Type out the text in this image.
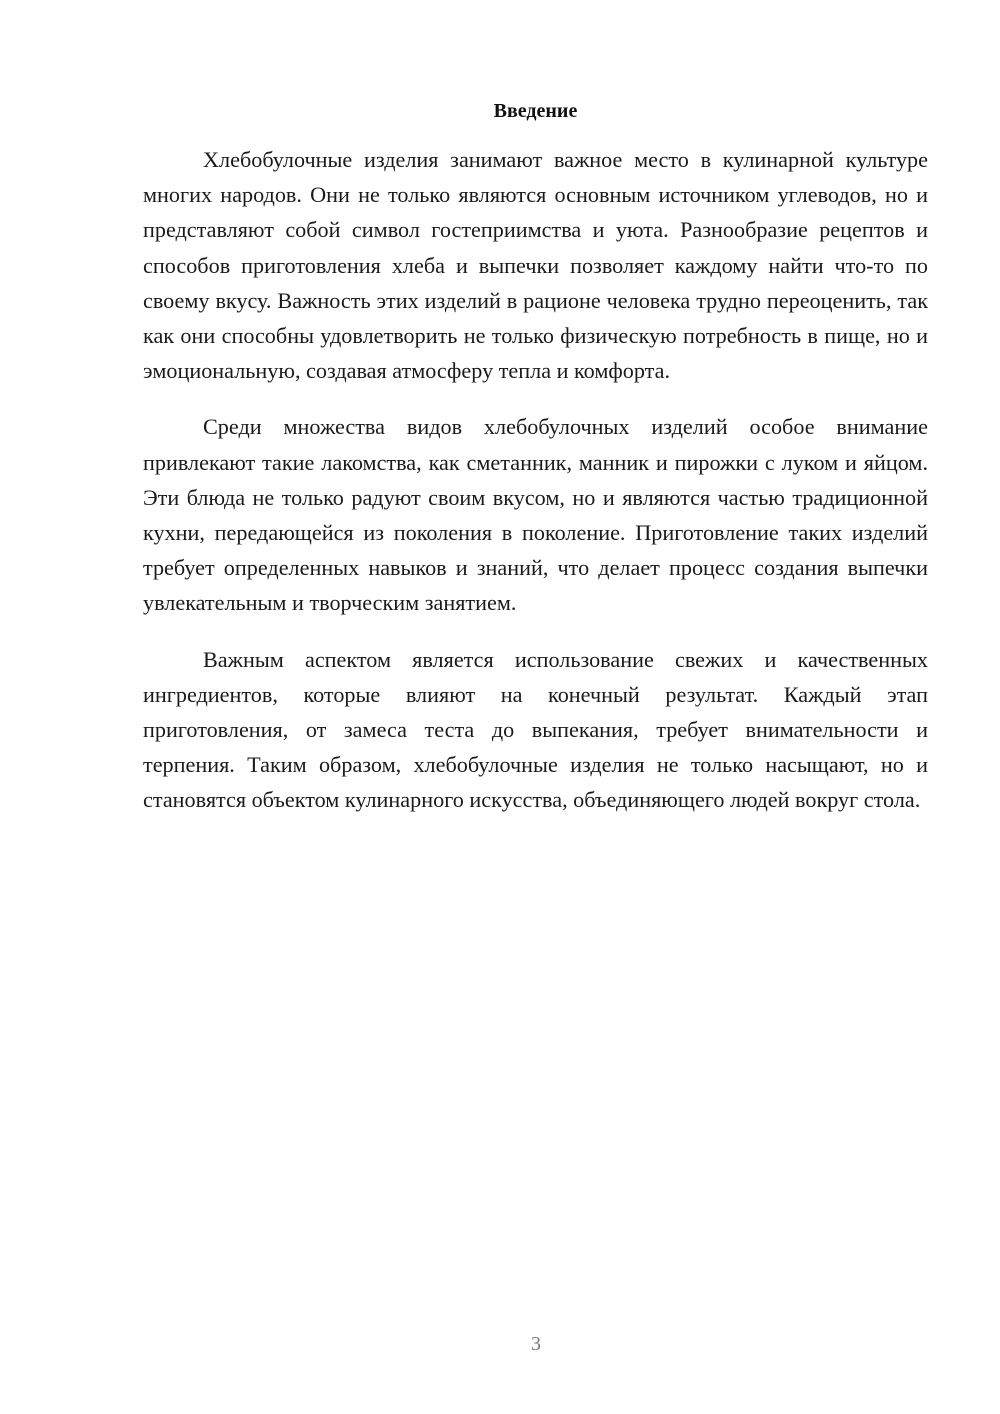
Введение

Хлебобулочные изделия занимают важное место в кулинарной культуре многих народов. Они не только являются основным источником углеводов, но и представляют собой символ гостеприимства и уюта. Разнообразие рецептов и способов приготовления хлеба и выпечки позволяет каждому найти что-то по своему вкусу. Важность этих изделий в рационе человека трудно переоценить, так как они способны удовлетворить не только физическую потребность в пище, но и эмоциональную, создавая атмосферу тепла и комфорта.

Среди множества видов хлебобулочных изделий особое внимание привлекают такие лакомства, как сметанник, манник и пирожки с луком и яйцом. Эти блюда не только радуют своим вкусом, но и являются частью традиционной кухни, передающейся из поколения в поколение. Приготовление таких изделий требует определенных навыков и знаний, что делает процесс создания выпечки увлекательным и творческим занятием.

Важным аспектом является использование свежих и качественных ингредиентов, которые влияют на конечный результат. Каждый этап приготовления, от замеса теста до выпекания, требует внимательности и терпения. Таким образом, хлебобулочные изделия не только насыщают, но и становятся объектом кулинарного искусства, объединяющего людей вокруг стола.

3
